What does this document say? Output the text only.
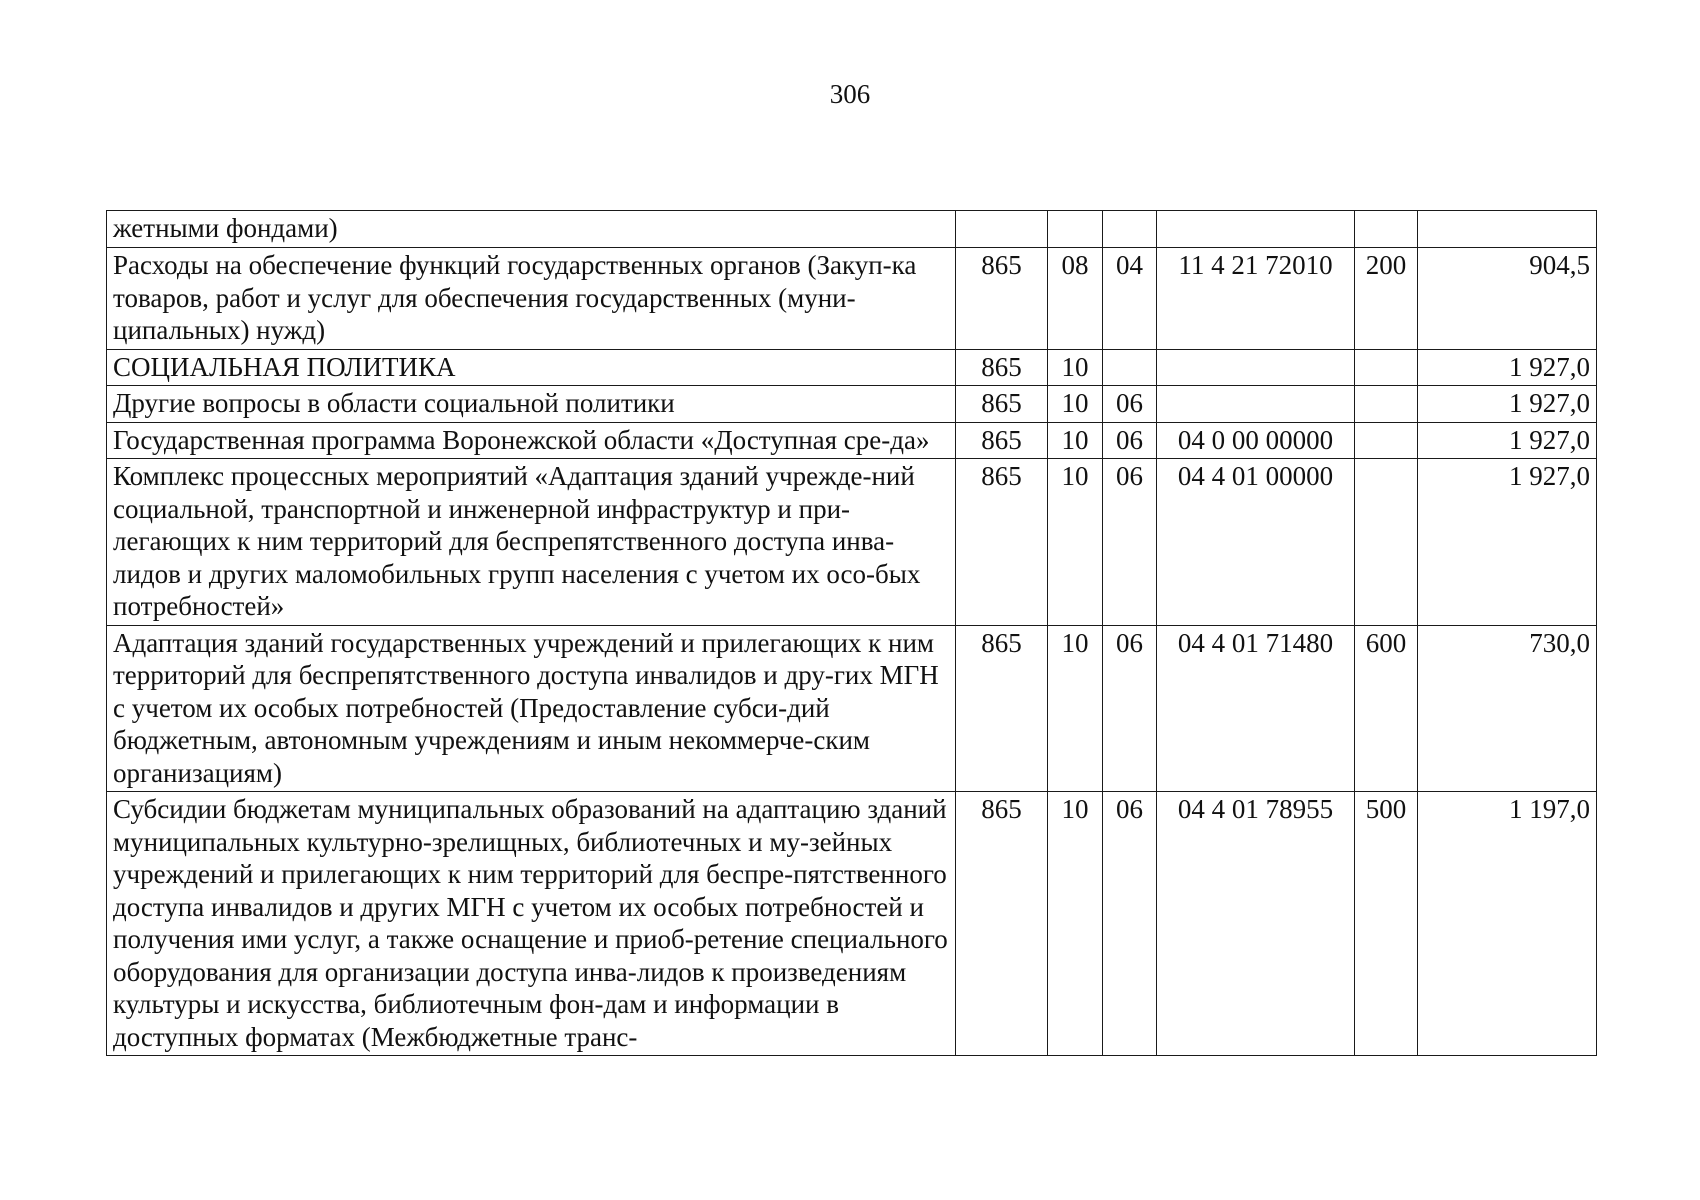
306
жетными фондами)						
Расходы на обеспечение функций государственных органов (Закуп-ка товаров, работ и услуг для обеспечения государственных (муни-ципальных) нужд)	865	08	04	11 4 21 72010	200	904,5
СОЦИАЛЬНАЯ ПОЛИТИКА	865	10				1 927,0
Другие вопросы в области социальной политики	865	10	06			1 927,0
Государственная программа Воронежской области «Доступная сре-да»	865	10	06	04 0 00 00000		1 927,0
Комплекс процессных мероприятий «Адаптация зданий учрежде-ний социальной, транспортной и инженерной инфраструктур и при-легающих к ним территорий для беспрепятственного доступа инва-лидов и других маломобильных групп населения с учетом их осо-бых потребностей»	865	10	06	04 4 01 00000		1 927,0
Адаптация зданий государственных учреждений и прилегающих к ним территорий для беспрепятственного доступа инвалидов и дру-гих МГН с учетом их особых потребностей (Предоставление субси-дий бюджетным, автономным учреждениям и иным некоммерче-ским организациям)	865	10	06	04 4 01 71480	600	730,0
Субсидии бюджетам муниципальных образований на адаптацию зданий муниципальных культурно-зрелищных, библиотечных и му-зейных учреждений и прилегающих к ним территорий для беспре-пятственного доступа инвалидов и других МГН с учетом их особых потребностей и получения ими услуг, а также оснащение и приоб-ретение специального оборудования для организации доступа инва-лидов к произведениям культуры и искусства, библиотечным фон-дам и информации в доступных форматах (Межбюджетные транс-	865	10	06	04 4 01 78955	500	1 197,0
